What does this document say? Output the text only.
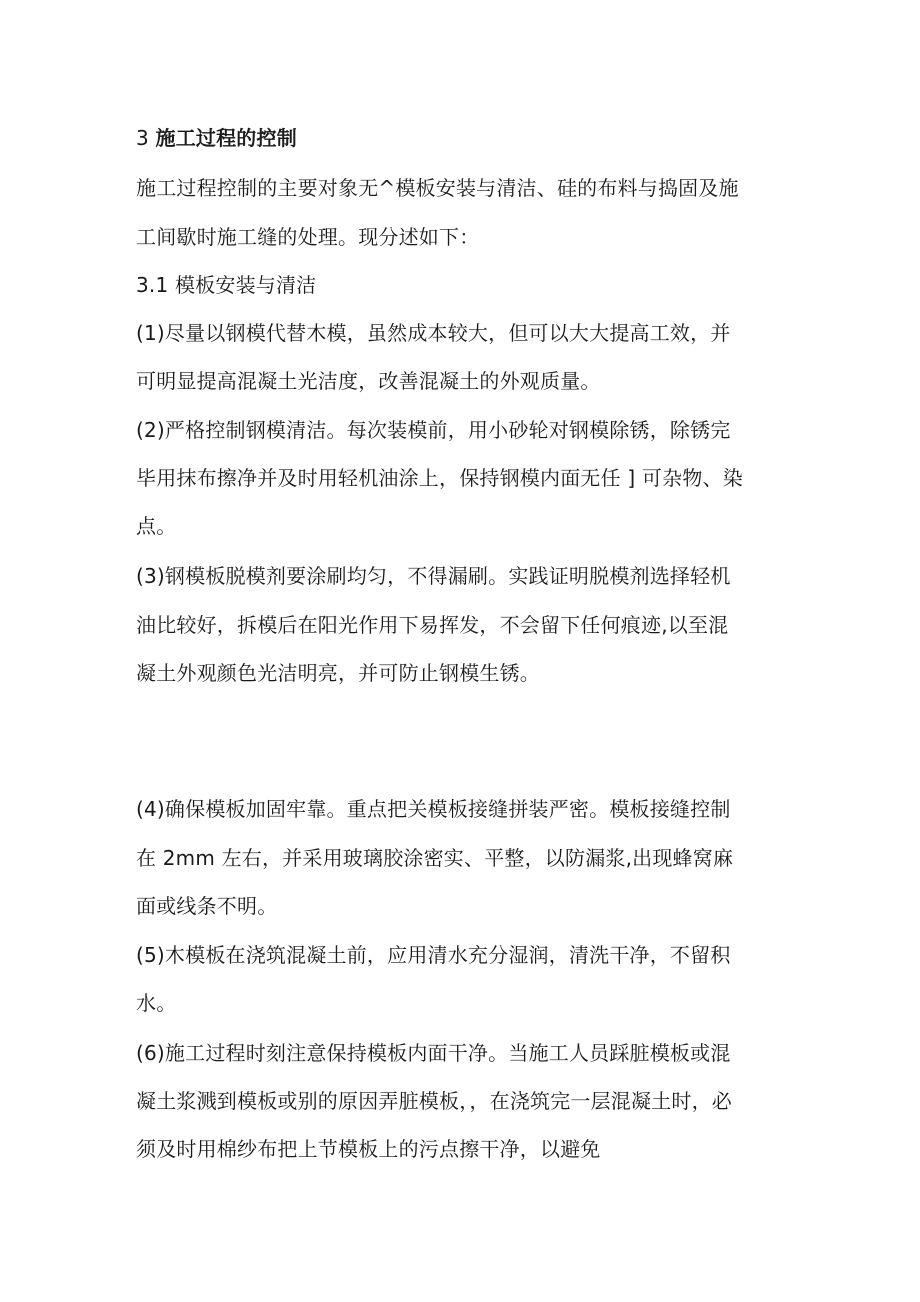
3 施工过程的控制
施工过程控制的主要对象无^模板安装与清洁、硅的布料与捣固及施
工间歇时施工缝的处理。现分述如下：
3.1 模板安装与清洁
(1)尽量以钢模代替木模，虽然成本较大，但可以大大提高工效，并
可明显提高混凝土光洁度，改善混凝土的外观质量。
(2)严格控制钢模清洁。每次装模前，用小砂轮对钢模除锈，除锈完
毕用抹布擦净并及时用轻机油涂上，保持钢模内面无任 ] 可杂物、染
点。
(3)钢模板脱模剂要涂刷均匀，不得漏刷。实践证明脱模剂选择轻机
油比较好，拆模后在阳光作用下易挥发，不会留下任何痕迹,以至混
凝土外观颜色光洁明亮，并可防止钢模生锈。
(4)确保模板加固牢靠。重点把关模板接缝拼装严密。模板接缝控制
在 2mm 左右，并采用玻璃胶涂密实、平整，以防漏浆,出现蜂窝麻
面或线条不明。
(5)木模板在浇筑混凝土前，应用清水充分湿润，清洗干净，不留积
水。
(6)施工过程时刻注意保持模板内面干净。当施工人员踩脏模板或混
凝土浆溅到模板或别的原因弄脏模板，，在浇筑完一层混凝土时，必
须及时用棉纱布把上节模板上的污点擦干净，以避免
